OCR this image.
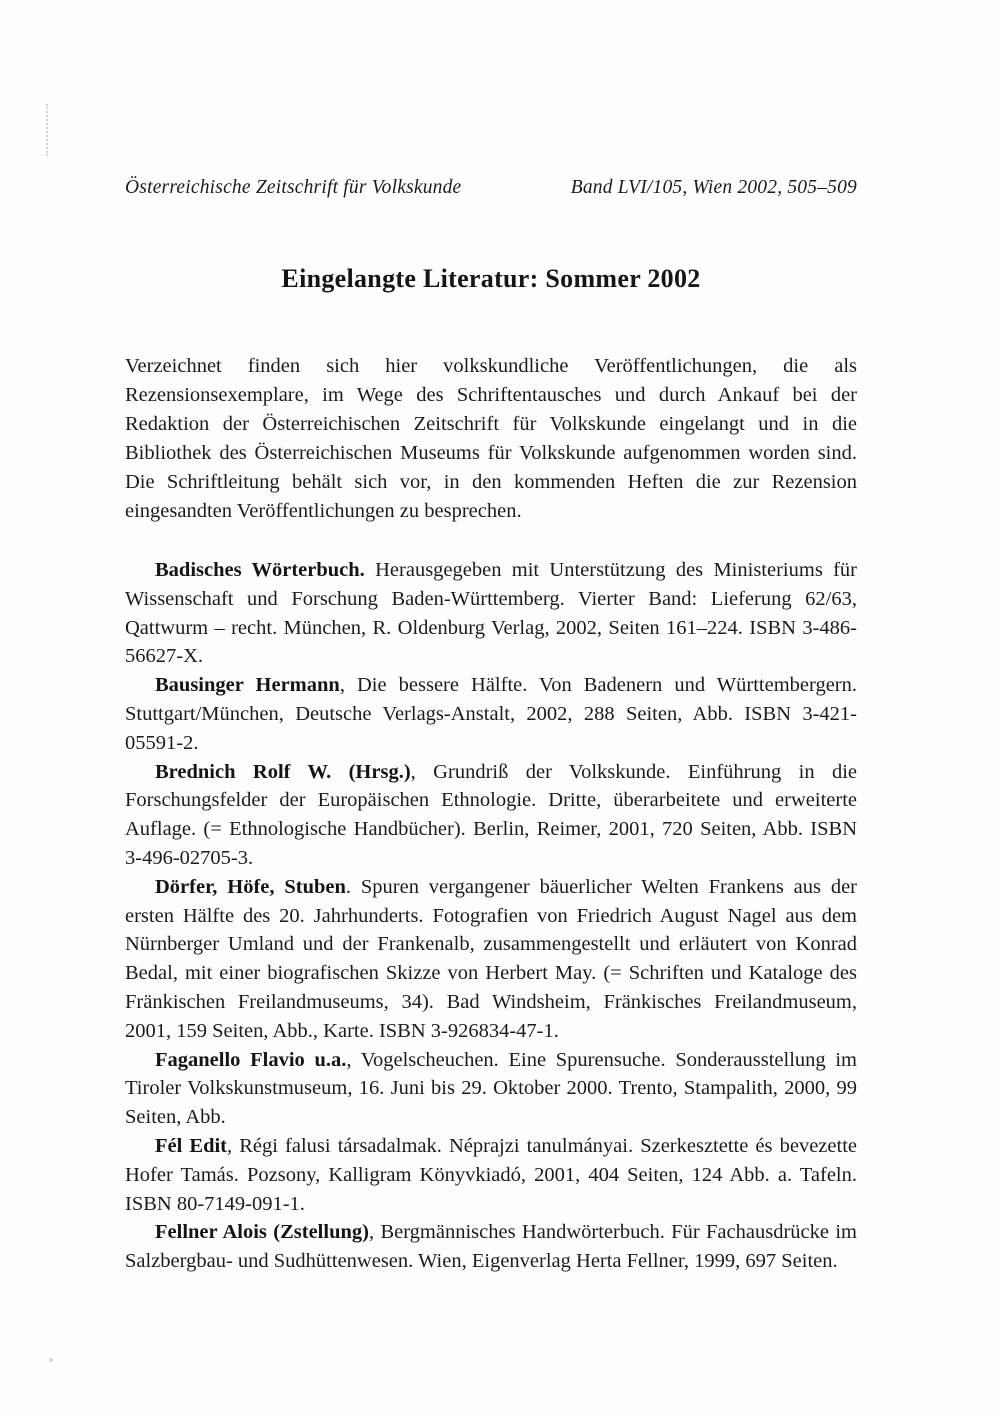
Österreichische Zeitschrift für Volkskunde	Band LVI/105, Wien 2002, 505–509
Eingelangte Literatur: Sommer 2002

Verzeichnet finden sich hier volkskundliche Veröffentlichungen, die als Rezensionsexemplare, im Wege des Schriftentausches und durch Ankauf bei der Redaktion der Österreichischen Zeitschrift für Volkskunde eingelangt und in die Bibliothek des Österreichischen Museums für Volkskunde aufgenommen worden sind. Die Schriftleitung behält sich vor, in den kommenden Heften die zur Rezension eingesandten Veröffentlichungen zu besprechen.

Badisches Wörterbuch. Herausgegeben mit Unterstützung des Ministeriums für Wissenschaft und Forschung Baden-Württemberg. Vierter Band: Lieferung 62/63, Qattwurm – recht. München, R. Oldenburg Verlag, 2002, Seiten 161–224. ISBN 3-486-56627-X.

Bausinger Hermann, Die bessere Hälfte. Von Badenern und Württembergern. Stuttgart/München, Deutsche Verlags-Anstalt, 2002, 288 Seiten, Abb. ISBN 3-421-05591-2.

Brednich Rolf W. (Hrsg.), Grundriß der Volkskunde. Einführung in die Forschungsfelder der Europäischen Ethnologie. Dritte, überarbeitete und erweiterte Auflage. (= Ethnologische Handbücher). Berlin, Reimer, 2001, 720 Seiten, Abb. ISBN 3-496-02705-3.

Dörfer, Höfe, Stuben. Spuren vergangener bäuerlicher Welten Frankens aus der ersten Hälfte des 20. Jahrhunderts. Fotografien von Friedrich August Nagel aus dem Nürnberger Umland und der Frankenalb, zusammengestellt und erläutert von Konrad Bedal, mit einer biografischen Skizze von Herbert May. (= Schriften und Kataloge des Fränkischen Freilandmuseums, 34). Bad Windsheim, Fränkisches Freilandmuseum, 2001, 159 Seiten, Abb., Karte. ISBN 3-926834-47-1.

Faganello Flavio u.a., Vogelscheuchen. Eine Spurensuche. Sonderausstellung im Tiroler Volkskunstmuseum, 16. Juni bis 29. Oktober 2000. Trento, Stampalith, 2000, 99 Seiten, Abb.

Fél Edit, Régi falusi társadalmak. Néprajzi tanulmányai. Szerkesztette és bevezette Hofer Tamás. Pozsony, Kalligram Könyvkiadó, 2001, 404 Seiten, 124 Abb. a. Tafeln. ISBN 80-7149-091-1.

Fellner Alois (Zstellung), Bergmännisches Handwörterbuch. Für Fachausdrücke im Salzbergbau- und Sudhüttenwesen. Wien, Eigenverlag Herta Fellner, 1999, 697 Seiten.
